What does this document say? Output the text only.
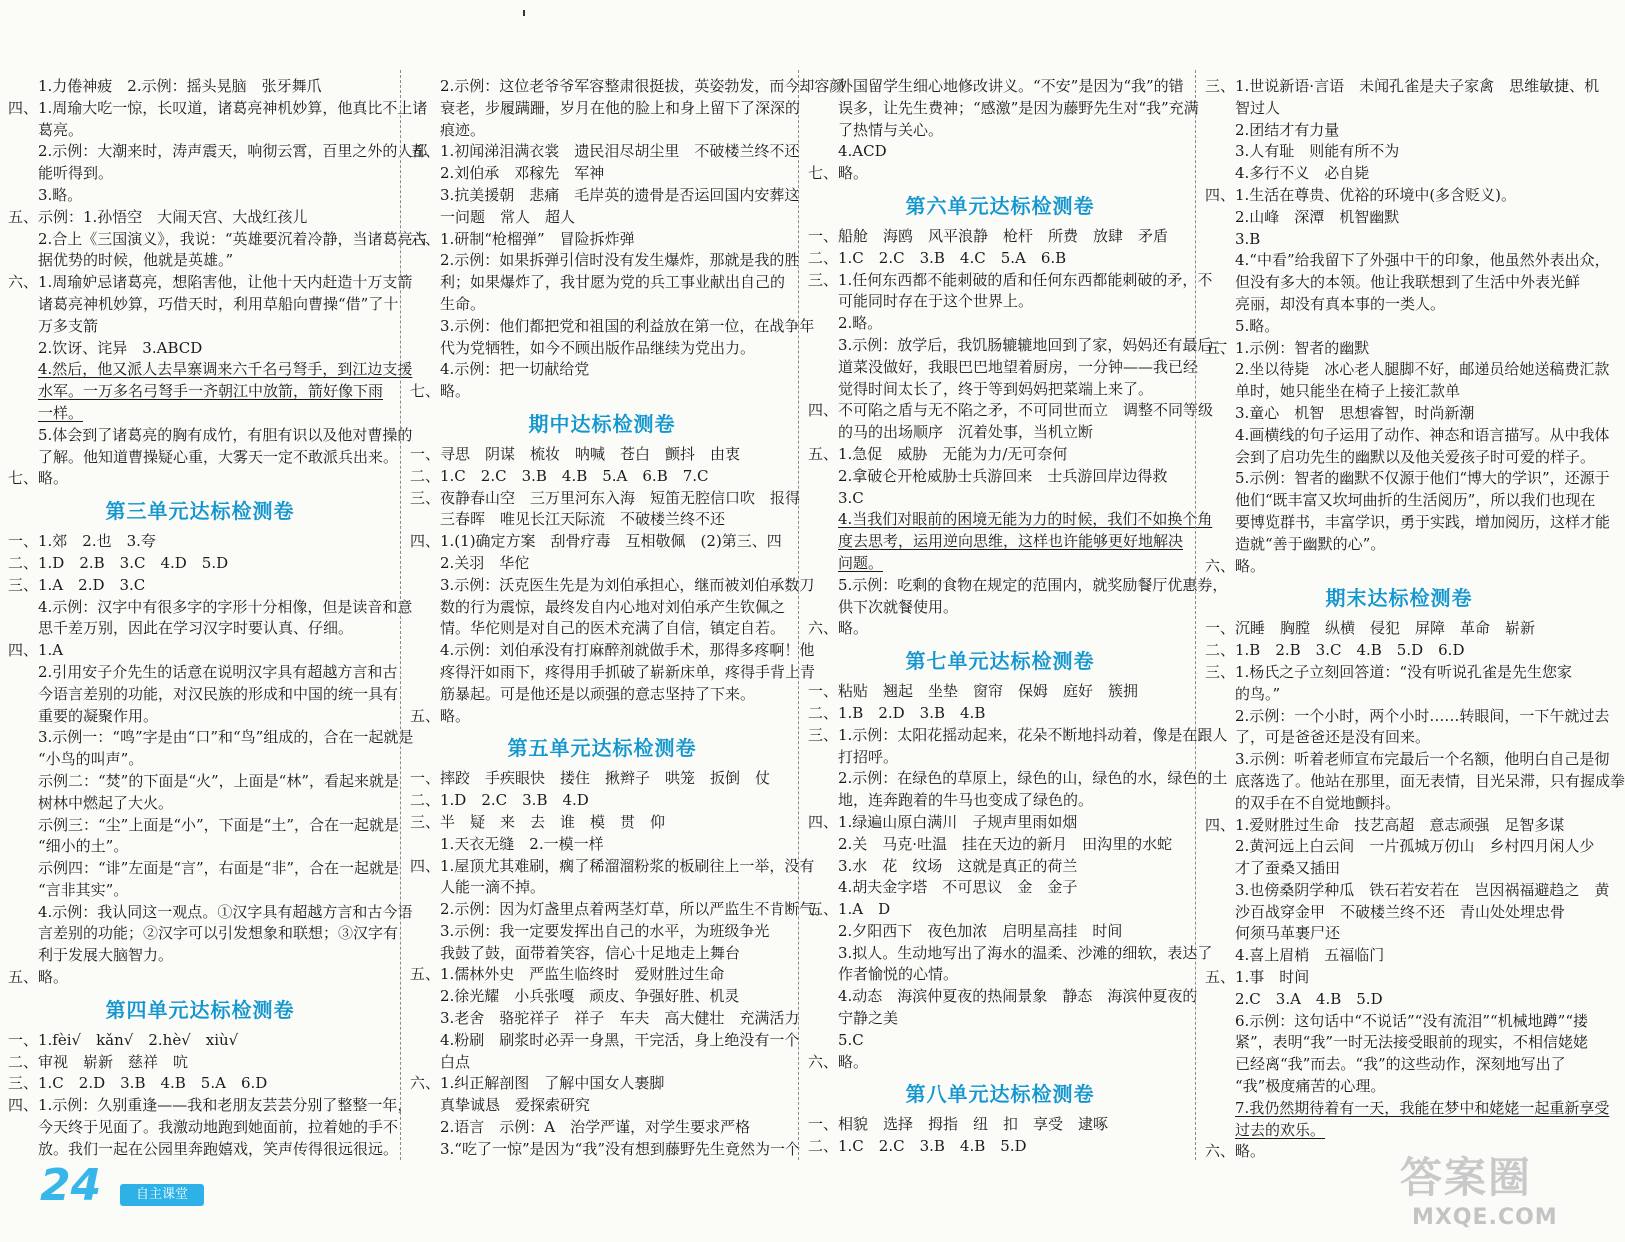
1.力倦神疲　2.示例：摇头晃脑　张牙舞爪
四、1.周瑜大吃一惊，长叹道，诸葛亮神机妙算，他真比不上诸
葛亮。
2.示例：大潮来时，涛声震天，响彻云霄，百里之外的人都
能听得到。
3.略。
五、示例：1.孙悟空　大闹天宫、大战红孩儿
2.合上《三国演义》，我说：“英雄要沉着冷静，当诸葛亮占
据优势的时候，他就是英雄。”
六、1.周瑜妒忌诸葛亮，想陷害他，让他十天内赶造十万支箭
诸葛亮神机妙算，巧借天时，利用草船向曹操“借”了十
万多支箭
2.饮讶、诧异　3.ABCD
4.然后，他又派人去旱寨调来六千名弓弩手，到江边支援
水军。一万多名弓弩手一齐朝江中放箭，箭好像下雨
一样。
5.体会到了诸葛亮的胸有成竹，有胆有识以及他对曹操的
了解。他知道曹操疑心重，大雾天一定不敢派兵出来。
七、略。
第三单元达标检测卷
一、1.郊　2.也　3.夸
二、1.D　2.B　3.C　4.D　5.D
三、1.A　2.D　3.C
4.示例：汉字中有很多字的字形十分相像，但是读音和意
思千差万别，因此在学习汉字时要认真、仔细。
四、1.A
2.引用安子介先生的话意在说明汉字具有超越方言和古
今语言差别的功能，对汉民族的形成和中国的统一具有
重要的凝聚作用。
3.示例一：“鸣”字是由“口”和“鸟”组成的，合在一起就是
“小鸟的叫声”。
示例二：“焚”的下面是“火”，上面是“林”，看起来就是
树林中燃起了大火。
示例三：“尘”上面是“小”，下面是“土”，合在一起就是
“细小的土”。
示例四：“诽”左面是“言”，右面是“非”，合在一起就是
“言非其实”。
4.示例：我认同这一观点。①汉字具有超越方言和古今语
言差别的功能；②汉字可以引发想象和联想；③汉字有
利于发展大脑智力。
五、略。
第四单元达标检测卷
一、1.fèi√　kǎn√　2.hè√　xiù√
二、审视　崭新　慈祥　吭
三、1.C　2.D　3.B　4.B　5.A　6.D
四、1.示例：久别重逢——我和老朋友芸芸分别了整整一年，
今天终于见面了。我激动地跑到她面前，拉着她的手不
放。我们一起在公园里奔跑嬉戏，笑声传得很远很远。
2.示例：这位老爷爷军容整肃很挺拔，英姿勃发，而今却容颜
衰老，步履蹒跚，岁月在他的脸上和身上留下了深深的
痕迹。
五、1.初闻涕泪满衣裳　遗民泪尽胡尘里　不破楼兰终不还
2.刘伯承　邓稼先　军神
3.抗美援朝　悲痛　毛岸英的遗骨是否运回国内安葬这
一问题　常人　超人
六、1.研制“枪榴弹”　冒险拆炸弹
2.示例：如果拆弹引信时没有发生爆炸，那就是我的胜
利；如果爆炸了，我甘愿为党的兵工事业献出自己的
生命。
3.示例：他们都把党和祖国的利益放在第一位，在战争年
代为党牺牲，如今不顾出版作品继续为党出力。
4.示例：把一切献给党
七、略。
期中达标检测卷
一、寻思　阴谋　梳妆　呐喊　苍白　颤抖　由衷
二、1.C　2.C　3.B　4.B　5.A　6.B　7.C
三、夜静春山空　三万里河东入海　短笛无腔信口吹　报得
三春晖　唯见长江天际流　不破楼兰终不还
四、1.(1)确定方案　刮骨疗毒　互相敬佩　(2)第三、四
2.关羽　华佗
3.示例：沃克医生先是为刘伯承担心，继而被刘伯承数刀
数的行为震惊，最终发自内心地对刘伯承产生钦佩之
情。华佗则是对自己的医术充满了自信，镇定自若。
4.示例：刘伯承没有打麻醉剂就做手术，那得多疼啊！他
疼得汗如雨下，疼得用手抓破了崭新床单，疼得手背上青
筋暴起。可是他还是以顽强的意志坚持了下来。
五、略。
第五单元达标检测卷
一、摔跤　手疾眼快　搂住　揪辫子　哄笼　扳倒　仗
二、1.D　2.C　3.B　4.D
三、半　疑　来　去　谁　模　贯　仰
1.天衣无缝　2.一模一样
四、1.屋顶尤其难刷，瘸了稀溜溜粉浆的板刷往上一举，没有
人能一滴不掉。
2.示例：因为灯盏里点着两茎灯草，所以严监生不肯断气。
3.示例：我一定要发挥出自己的水平，为班级争光
我鼓了鼓，面带着笑容，信心十足地走上舞台
五、1.儒林外史　严监生临终时　爱财胜过生命
2.徐光耀　小兵张嘎　顽皮、争强好胜、机灵
3.老舍　骆驼祥子　祥子　车夫　高大健壮　充满活力
4.粉刷　刷浆时必弄一身黑，干完活，身上绝没有一个
白点
六、1.纠正解剖图　了解中国女人裹脚
真挚诚恳　爱探索研究
2.语言　示例：A　治学严谨，对学生要求严格
3.“吃了一惊”是因为“我”没有想到藤野先生竟然为一个
外国留学生细心地修改讲义。“不安”是因为“我”的错
误多，让先生费神；“感激”是因为藤野先生对“我”充满
了热情与关心。
4.ACD
七、略。
第六单元达标检测卷
一、船舱　海鸥　风平浪静　枪杆　所费　放肆　矛盾
二、1.C　2.C　3.B　4.C　5.A　6.B
三、1.任何东西都不能刺破的盾和任何东西都能刺破的矛，不
可能同时存在于这个世界上。
2.略。
3.示例：放学后，我饥肠辘辘地回到了家，妈妈还有最后一
道菜没做好，我眼巴巴地望着厨房，一分钟——我已经
觉得时间太长了，终于等到妈妈把菜端上来了。
四、不可陷之盾与无不陷之矛，不可同世而立　调整不同等级
的马的出场顺序　沉着处事，当机立断
五、1.急促　威胁　无能为力/无可奈何
2.拿破仑开枪威胁士兵游回来　士兵游回岸边得救
3.C
4.当我们对眼前的困境无能为力的时候，我们不如换个角
度去思考，运用逆向思维，这样也许能够更好地解决
问题。
5.示例：吃剩的食物在规定的范围内，就奖励餐厅优惠券，
供下次就餐使用。
六、略。
第七单元达标检测卷
一、粘贴　翘起　坐垫　窗帘　保姆　庭好　簇拥
二、1.B　2.D　3.B　4.B
三、1.示例：太阳花摇动起来，花朵不断地抖动着，像是在跟人
打招呼。
2.示例：在绿色的草原上，绿色的山，绿色的水，绿色的土
地，连奔跑着的牛马也变成了绿色的。
四、1.绿遍山原白满川　子规声里雨如烟
2.关　马克·吐温　挂在天边的新月　田沟里的水蛇
3.水　花　纹场　这就是真正的荷兰
4.胡夫金字塔　不可思议　金　金子
五、1.A　D
2.夕阳西下　夜色加浓　启明星高挂　时间
3.拟人。生动地写出了海水的温柔、沙滩的细软，表达了
作者愉悦的心情。
4.动态　海滨仲夏夜的热闹景象　静态　海滨仲夏夜的
宁静之美
5.C
六、略。
第八单元达标检测卷
一、相貌　选择　拇指　纽　扣　享受　逮啄
二、1.C　2.C　3.B　4.B　5.D
三、1.世说新语·言语　未闻孔雀是夫子家禽　思维敏捷、机
智过人
2.团结才有力量
3.人有耻　则能有所不为
4.多行不义　必自毙
四、1.生活在尊贵、优裕的环境中(多含贬义)。
2.山峰　深潭　机智幽默
3.B
4.“中看”给我留下了外强中干的印象，他虽然外表出众，
但没有多大的本领。他让我联想到了生活中外表光鲜
亮丽，却没有真本事的一类人。
5.略。
五、1.示例：智者的幽默
2.坐以待毙　冰心老人腿脚不好，邮递员给她送稿费汇款
单时，她只能坐在椅子上接汇款单
3.童心　机智　思想睿智，时尚新潮
4.画横线的句子运用了动作、神态和语言描写。从中我体
会到了启功先生的幽默以及他关爱孩子时可爱的样子。
5.示例：智者的幽默不仅源于他们“博大的学识”，还源于
他们“既丰富又坎坷曲折的生活阅历”，所以我们也现在
要博览群书，丰富学识，勇于实践，增加阅历，这样才能
造就“善于幽默的心”。
六、略。
期末达标检测卷
一、沉睡　胸膛　纵横　侵犯　屏障　革命　崭新
二、1.B　2.B　3.C　4.B　5.D　6.D
三、1.杨氏之子立刻回答道：“没有听说孔雀是先生您家
的鸟。”
2.示例：一个小时，两个小时……转眼间，一下午就过去
了，可是爸爸还是没有回来。
3.示例：听着老师宣布完最后一个名额，他明白自己是彻
底落选了。他站在那里，面无表情，目光呆滞，只有握成拳
的双手在不自觉地颤抖。
四、1.爱财胜过生命　技艺高超　意志顽强　足智多谋
2.黄河远上白云间　一片孤城万仞山　乡村四月闲人少
才了蚕桑又插田
3.也傍桑阴学种瓜　铁石若安若在　岂因祸福避趋之　黄
沙百战穿金甲　不破楼兰终不还　青山处处埋忠骨
何须马革裹尸还
4.喜上眉梢　五福临门
五、1.事　时间
2.C　3.A　4.B　5.D
6.示例：这句话中“不说话”“没有流泪”“机械地蹲”“搂
紧”，表明“我”一时无法接受眼前的现实，不相信姥姥
已经离“我”而去。“我”的这些动作，深刻地写出了
“我”极度痛苦的心理。
7.我仍然期待着有一天，我能在梦中和姥姥一起重新享受
过去的欢乐。
六、略。
24	自主课堂	答案圈
MXQE.COM
